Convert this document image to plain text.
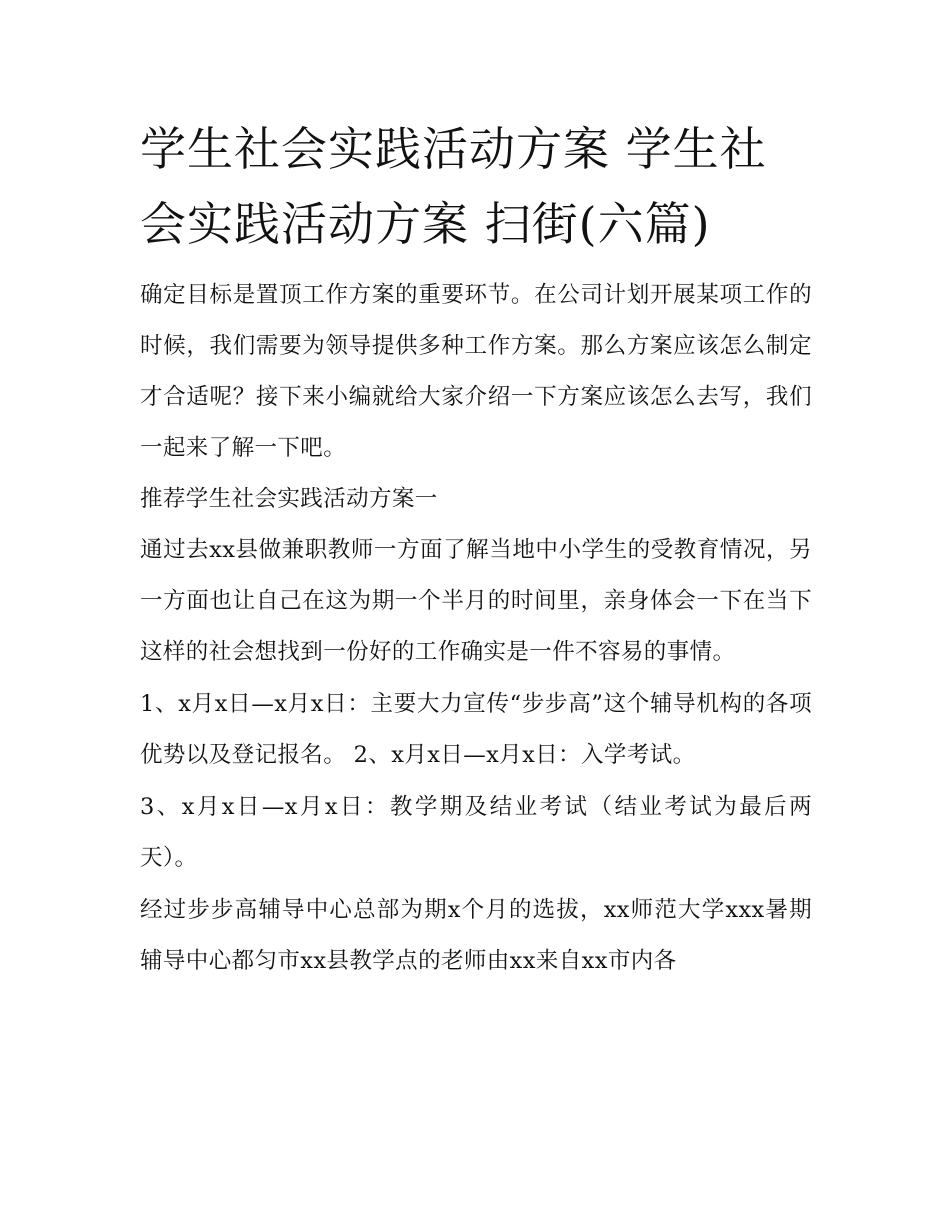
学生社会实践活动方案 学生社会实践活动方案 扫街(六篇)

确定目标是置顶工作方案的重要环节。在公司计划开展某项工作的时候，我们需要为领导提供多种工作方案。那么方案应该怎么制定才合适呢？接下来小编就给大家介绍一下方案应该怎么去写，我们一起来了解一下吧。

推荐学生社会实践活动方案一

通过去xx县做兼职教师一方面了解当地中小学生的受教育情况，另一方面也让自己在这为期一个半月的时间里，亲身体会一下在当下这样的社会想找到一份好的工作确实是一件不容易的事情。

1、x月x日—x月x日：主要大力宣传“步步高”这个辅导机构的各项优势以及登记报名。 2、x月x日—x月x日：入学考试。

3、x月x日—x月x日：教学期及结业考试（结业考试为最后两天）。

经过步步高辅导中心总部为期x个月的选拔，xx师范大学xxx暑期辅导中心都匀市xx县教学点的老师由xx来自xx市内各
